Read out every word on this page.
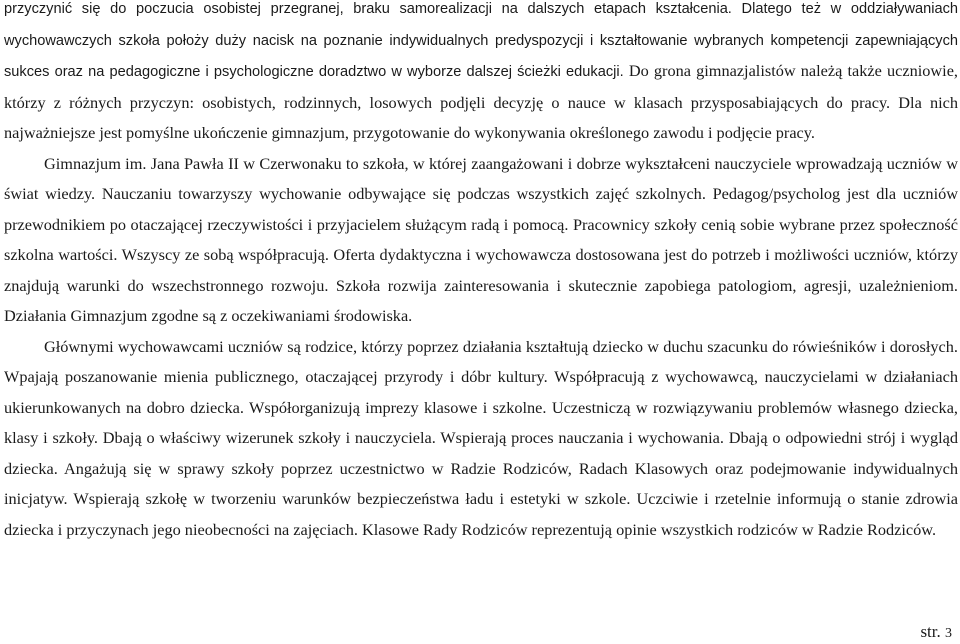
przyczynić się do poczucia osobistej przegranej, braku samorealizacji na dalszych etapach kształcenia. Dlatego też w oddziaływaniach wychowawczych szkoła położy duży nacisk na poznanie indywidualnych predyspozycji i kształtowanie wybranych kompetencji zapewniających sukces oraz na pedagogiczne i psychologiczne doradztwo w wyborze dalszej ścieżki edukacji. Do grona gimnazjalistów należą także uczniowie, którzy z różnych przyczyn: osobistych, rodzinnych, losowych podjęli decyzję o nauce w klasach przysposabiających do pracy. Dla nich najważniejsze jest pomyślne ukończenie gimnazjum, przygotowanie do wykonywania określonego zawodu i podjęcie pracy.

Gimnazjum im. Jana Pawła II w Czerwonaku to szkoła, w której zaangażowani i dobrze wykształceni nauczyciele wprowadzają uczniów w świat wiedzy. Nauczaniu towarzyszy wychowanie odbywające się podczas wszystkich zajęć szkolnych. Pedagog/psycholog jest dla uczniów przewodnikiem po otaczającej rzeczywistości i przyjacielem służącym radą i pomocą. Pracownicy szkoły cenią sobie wybrane przez społeczność szkolna wartości. Wszyscy ze sobą współpracują. Oferta dydaktyczna i wychowawcza dostosowana jest do potrzeb i możliwości uczniów, którzy znajdują warunki do wszechstronnego rozwoju. Szkoła rozwija zainteresowania i skutecznie zapobiega patologiom, agresji, uzależnieniom. Działania Gimnazjum zgodne są z oczekiwaniami środowiska.

Głównymi wychowawcami uczniów są rodzice, którzy poprzez działania kształtują dziecko w duchu szacunku do rówieśników i dorosłych. Wpajają poszanowanie mienia publicznego, otaczającej przyrody i dóbr kultury. Współpracują z wychowawcą, nauczycielami w działaniach ukierunkowanych na dobro dziecka. Współorganizują imprezy klasowe i szkolne. Uczestniczą w rozwiązywaniu problemów własnego dziecka, klasy i szkoły. Dbają o właściwy wizerunek szkoły i nauczyciela. Wspierają proces nauczania i wychowania. Dbają o odpowiedni strój i wygląd dziecka. Angażują się w sprawy szkoły poprzez uczestnictwo w Radzie Rodziców, Radach Klasowych oraz podejmowanie indywidualnych inicjatyw. Wspierają szkołę w tworzeniu warunków bezpieczeństwa ładu i estetyki w szkole. Uczciwie i rzetelnie informują o stanie zdrowia dziecka i przyczynach jego nieobecności na zajęciach. Klasowe Rady Rodziców reprezentują opinie wszystkich rodziców w Radzie Rodziców.

str. 3
